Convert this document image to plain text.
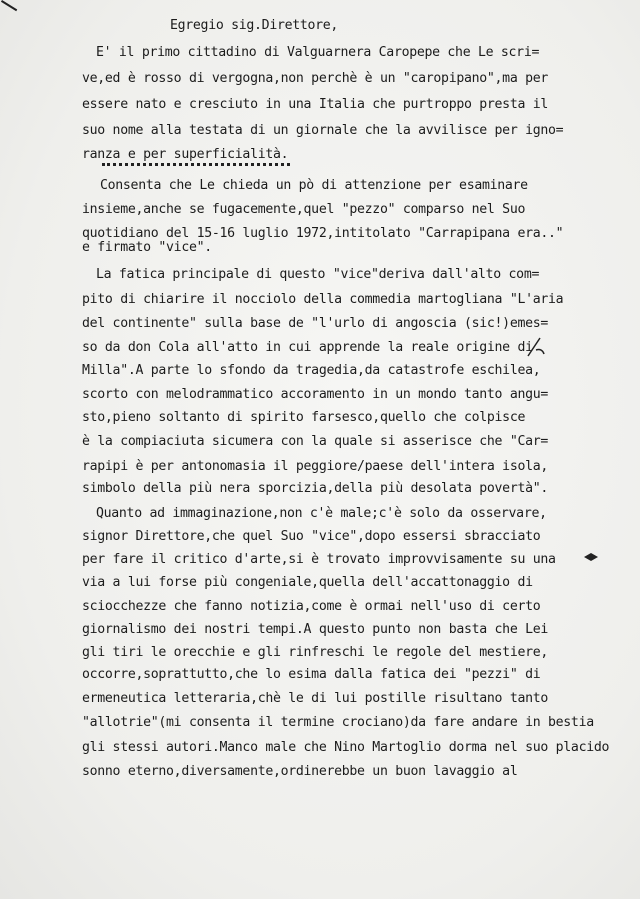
Egregio sig.Direttore,
E' il primo cittadino di Valguarnera Caropepe che Le scri=
ve,ed è rosso di vergogna,non perchè è un "caropipano",ma per
essere nato e cresciuto in una Italia che purtroppo presta il
suo nome alla testata di un giornale che la avvilisce per igno=
ranza e per superficialità.
Consenta che Le chieda un pò di attenzione per esaminare
insieme,anche se fugacemente,quel "pezzo" comparso nel Suo
quotidiano del 15-16 luglio 1972,intitolato "Carrapipana era.."
e firmato "vice".
La fatica principale di questo "vice"deriva dall'alto com=
pito di chiarire il nocciolo della commedia martogliana "L'aria
del continente" sulla base de "l'urlo di angoscia (sic!)emes=
so da don Cola all'atto in cui apprende la reale origine di
Milla".A parte lo sfondo da tragedia,da catastrofe eschilea,
scorto con melodrammatico accoramento in un mondo tanto angu=
sto,pieno soltanto di spirito farsesco,quello che colpisce
è la compiaciuta sicumera con la quale si asserisce che "Car=
rapipi è per antonomasia il peggiore/paese dell'intera isola,
simbolo della più nera sporcizia,della più desolata povertà".
Quanto ad immaginazione,non c'è male;c'è solo da osservare,
signor Direttore,che quel Suo "vice",dopo essersi sbracciato
per fare il critico d'arte,si è trovato improvvisamente su una
via a lui forse più congeniale,quella dell'accattonaggio di
sciocchezze che fanno notizia,come è ormai nell'uso di certo
giornalismo dei nostri tempi.A questo punto non basta che Lei
gli tiri le orecchie e gli rinfreschi le regole del mestiere,
occorre,soprattutto,che lo esima dalla fatica dei "pezzi" di
ermeneutica letteraria,chè le di lui postille risultano tanto
"allotrie"(mi consenta il termine crociano)da fare andare in bestia
gli stessi autori.Manco male che Nino Martoglio dorma nel suo placido
sonno eterno,diversamente,ordinerebbe un buon lavaggio al
